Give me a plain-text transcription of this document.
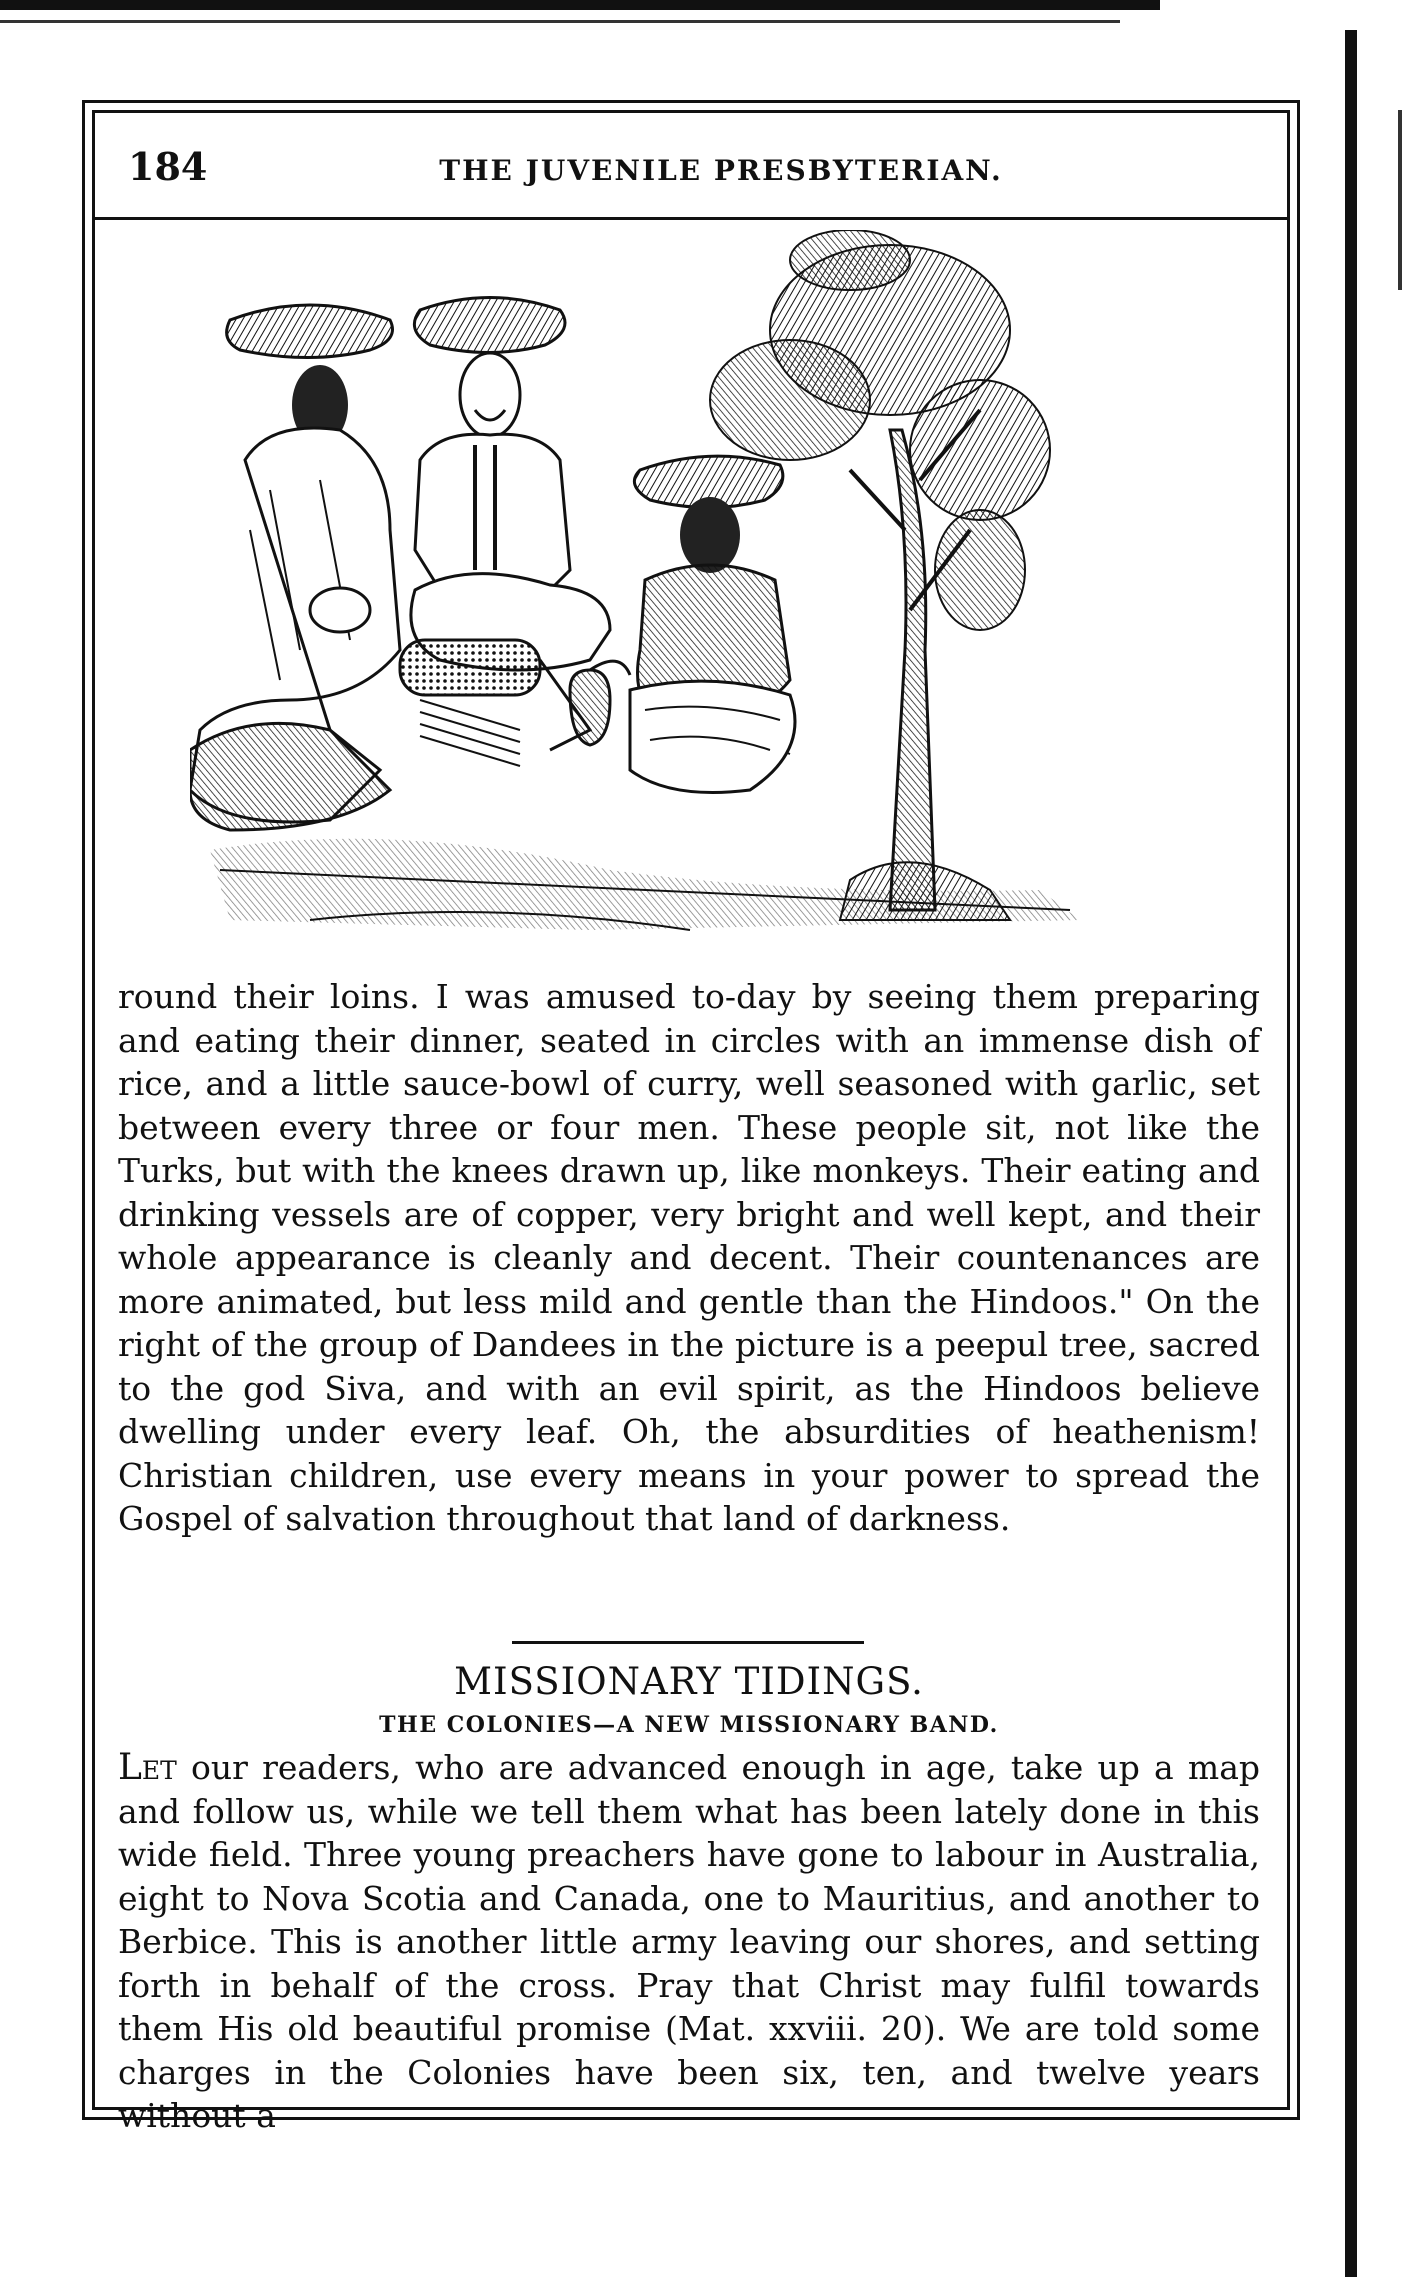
184	THE JUVENILE PRESBYTERIAN.

round their loins. I was amused to-day by seeing them preparing and eating their dinner, seated in circles with an immense dish of rice, and a little sauce-bowl of curry, well seasoned with garlic, set between every three or four men. These people sit, not like the Turks, but with the knees drawn up, like monkeys. Their eating and drinking vessels are of copper, very bright and well kept, and their whole appearance is cleanly and decent. Their countenances are more animated, but less mild and gentle than the Hindoos." On the right of the group of Dandees in the picture is a peepul tree, sacred to the god Siva, and with an evil spirit, as the Hindoos believe dwelling under every leaf. Oh, the absurdities of heathenism! Christian children, use every means in your power to spread the Gospel of salvation throughout that land of darkness.

MISSIONARY TIDINGS.
THE COLONIES—A NEW MISSIONARY BAND.

Let our readers, who are advanced enough in age, take up a map and follow us, while we tell them what has been lately done in this wide field. Three young preachers have gone to labour in Australia, eight to Nova Scotia and Canada, one to Mauritius, and another to Berbice. This is another little army leaving our shores, and setting forth in behalf of the cross. Pray that Christ may fulfil towards them His old beautiful promise (Mat. xxviii. 20). We are told some charges in the Colonies have been six, ten, and twelve years without a
